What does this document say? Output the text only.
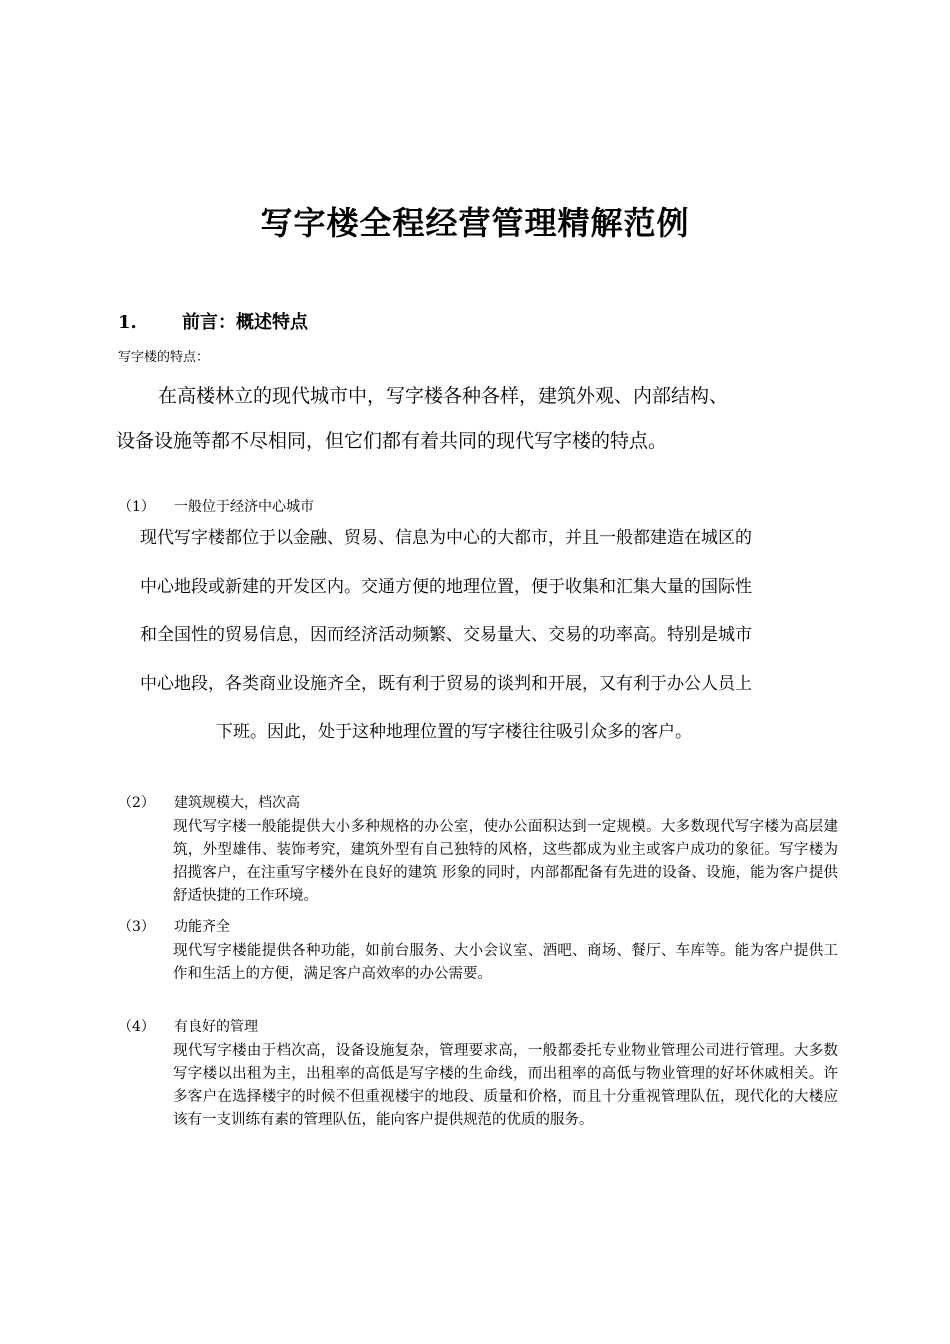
写字楼全程经营管理精解范例
1.	前言：概述特点
写字楼的特点：

在高楼林立的现代城市中，写字楼各种各样，建筑外观、内部结构、

设备设施等都不尽相同，但它们都有着共同的现代写字楼的特点。

（1） 一般位于经济中心城市

现代写字楼都位于以金融、贸易、信息为中心的大都市，并且一般都建造在城区的

中心地段或新建的开发区内。交通方便的地理位置，便于收集和汇集大量的国际性

和全国性的贸易信息，因而经济活动频繁、交易量大、交易的功率高。特别是城市

中心地段，各类商业设施齐全，既有利于贸易的谈判和开展，又有利于办公人员上

下班。因此，处于这种地理位置的写字楼往往吸引众多的客户。

（2） 建筑规模大，档次高

现代写字楼一般能提供大小多种规格的办公室，使办公面积达到一定规模。大多数现代写字楼为高层建筑，外型雄伟、装饰考究，建筑外型有自己独特的风格，这些都成为业主或客户成功的象征。写字楼为招揽客户，在注重写字楼外在良好的建筑 形象的同时，内部都配备有先进的设备、设施，能为客户提供舒适快捷的工作环境。

（3） 功能齐全

现代写字楼能提供各种功能，如前台服务、大小会议室、酒吧、商场、餐厅、车库等。能为客户提供工作和生活上的方便，满足客户高效率的办公需要。

（4） 有良好的管理

现代写字楼由于档次高，设备设施复杂，管理要求高，一般都委托专业物业管理公司进行管理。大多数写字楼以出租为主，出租率的高低是写字楼的生命线，而出租率的高低与物业管理的好坏休戚相关。许多客户在选择楼宇的时候不但重视楼宇的地段、质量和价格，而且十分重视管理队伍，现代化的大楼应该有一支训练有素的管理队伍，能向客户提供规范的优质的服务。
